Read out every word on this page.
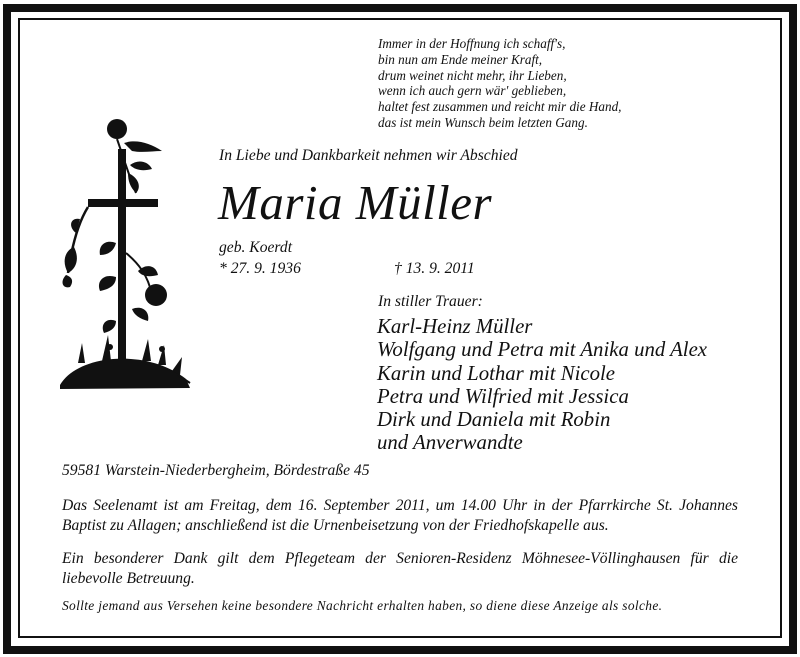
Immer in der Hoffnung ich schaff's,
bin nun am Ende meiner Kraft,
drum weinet nicht mehr, ihr Lieben,
wenn ich auch gern wär' geblieben,
haltet fest zusammen und reicht mir die Hand,
das ist mein Wunsch beim letzten Gang.
In Liebe und Dankbarkeit nehmen wir Abschied
Maria Müller
geb. Koerdt
* 27. 9. 1936	† 13. 9. 2011
In stiller Trauer:
Karl-Heinz Müller
Wolfgang und Petra mit Anika und Alex
Karin und Lothar mit Nicole
Petra und Wilfried mit Jessica
Dirk und Daniela mit Robin
und Anverwandte
59581 Warstein-Niederbergheim, Bördestraße 45
Das Seelenamt ist am Freitag, dem 16. September 2011, um 14.00 Uhr in der Pfarrkirche St. Johannes Baptist zu Allagen; anschließend ist die Urnenbeisetzung von der Friedhofskapelle aus.
Ein besonderer Dank gilt dem Pflegeteam der Senioren-Residenz Möhnesee-Völlinghausen für die liebevolle Betreuung.
Sollte jemand aus Versehen keine besondere Nachricht erhalten haben, so diene diese Anzeige als solche.
